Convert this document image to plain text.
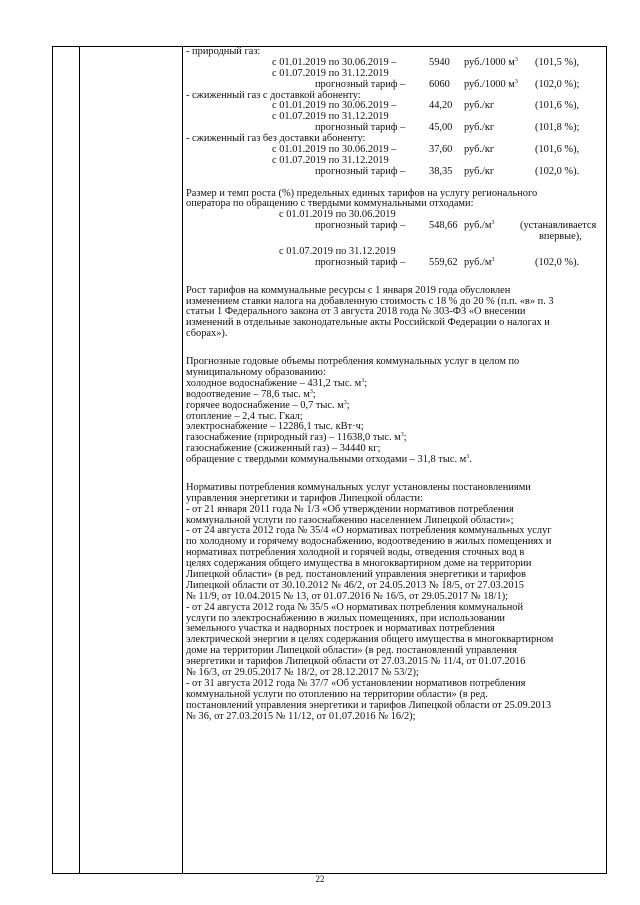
- природный газ:
с 01.01.2019 по 30.06.2019 –	5940 руб./1000 $м^3$ (101,5 %),
с 01.07.2019 по 31.12.2019
прогнозный тариф – 6060 руб./1000 $м^3$ (102,0 %);
- сжиженный газ с доставкой абоненту:
с 01.01.2019 по 30.06.2019 –	44,20 руб./кг	(101,6 %),
с 01.07.2019 по 31.12.2019
прогнозный тариф – 45,00 руб./кг	(101,8 %);
- сжиженный газ без доставки абоненту:
с 01.01.2019 по 30.06.2019 –	37,60 руб./кг	(101,6 %),
с 01.07.2019 по 31.12.2019
прогнозный тариф – 38,35 руб./кг	(102,0 %).
Размер и темп роста (%) предельных единых тарифов на услугу регионального
оператора по обращению с твердыми коммунальными отходами:
с 01.01.2019 по 30.06.2019
прогнозный тариф – 548,66 $руб./м^3$ (устанавливается
впервые),
с 01.07.2019 по 31.12.2019
прогнозный тариф – 559,62 $руб./м^3$	(102,0 %).
Рост тарифов на коммунальные ресурсы с 1 января 2019 года обусловлен
изменением ставки налога на добавленную стоимость с 18 % до 20 % (п.п. «в» п. 3
статьи 1 Федерального закона от 3 августа 2018 года № 303-ФЗ «О внесении
изменений в отдельные законодательные акты Российской Федерации о налогах и
сборах»).
Прогнозные годовые объемы потребления коммунальных услуг в целом по
муниципальному образованию:
холодное водоснабжение – 431,2 тыс. $м^3$;
водоотведение – 78,6 тыс. $м^3$;
горячее водоснабжение – 0,7 тыс. $м^3$;
отопление – 2,4 тыс. Гкал;
электроснабжение – 12286,1 тыс. кВт·ч;
газоснабжение (природный газ) – 11638,0 тыс. $м^3$;
газоснабжение (сжиженный газ) – 34440 кг;
обращение с твердыми коммунальными отходами – 31,8 тыс. $м^3$.
Нормативы потребления коммунальных услуг установлены постановлениями
управления энергетики и тарифов Липецкой области:
- от 21 января 2011 года № 1/3 «Об утверждении нормативов потребления
коммунальной услуги по газоснабжению населением Липецкой области»;
- от 24 августа 2012 года № 35/4 «О нормативах потребления коммунальных услуг
по холодному и горячему водоснабжению, водоотведению в жилых помещениях и
нормативах потребления холодной и горячей воды, отведения сточных вод в
целях содержания общего имущества в многоквартирном доме на территории
Липецкой области» (в ред. постановлений управления энергетики и тарифов
Липецкой области от 30.10.2012 № 46/2, от 24.05.2013 № 18/5, от 27.03.2015
№ 11/9, от 10.04.2015 № 13, от 01.07.2016 № 16/5, от 29.05.2017 № 18/1);
- от 24 августа 2012 года № 35/5 «О нормативах потребления коммунальной
услуги по электроснабжению в жилых помещениях, при использовании
земельного участка и надворных построек и нормативах потребления
электрической энергии в целях содержания общего имущества в многоквартирном
доме на территории Липецкой области» (в ред. постановлений управления
энергетики и тарифов Липецкой области от 27.03.2015 № 11/4, от 01.07.2016
№ 16/3, от 29.05.2017 № 18/2, от 28.12.2017 № 53/2);
- от 31 августа 2012 года № 37/7 «Об установлении нормативов потребления
коммунальной услуги по отоплению на территории области» (в ред.
постановлений управления энергетики и тарифов Липецкой области от 25.09.2013
№ 36, от 27.03.2015 № 11/12, от 01.07.2016 № 16/2);
22
